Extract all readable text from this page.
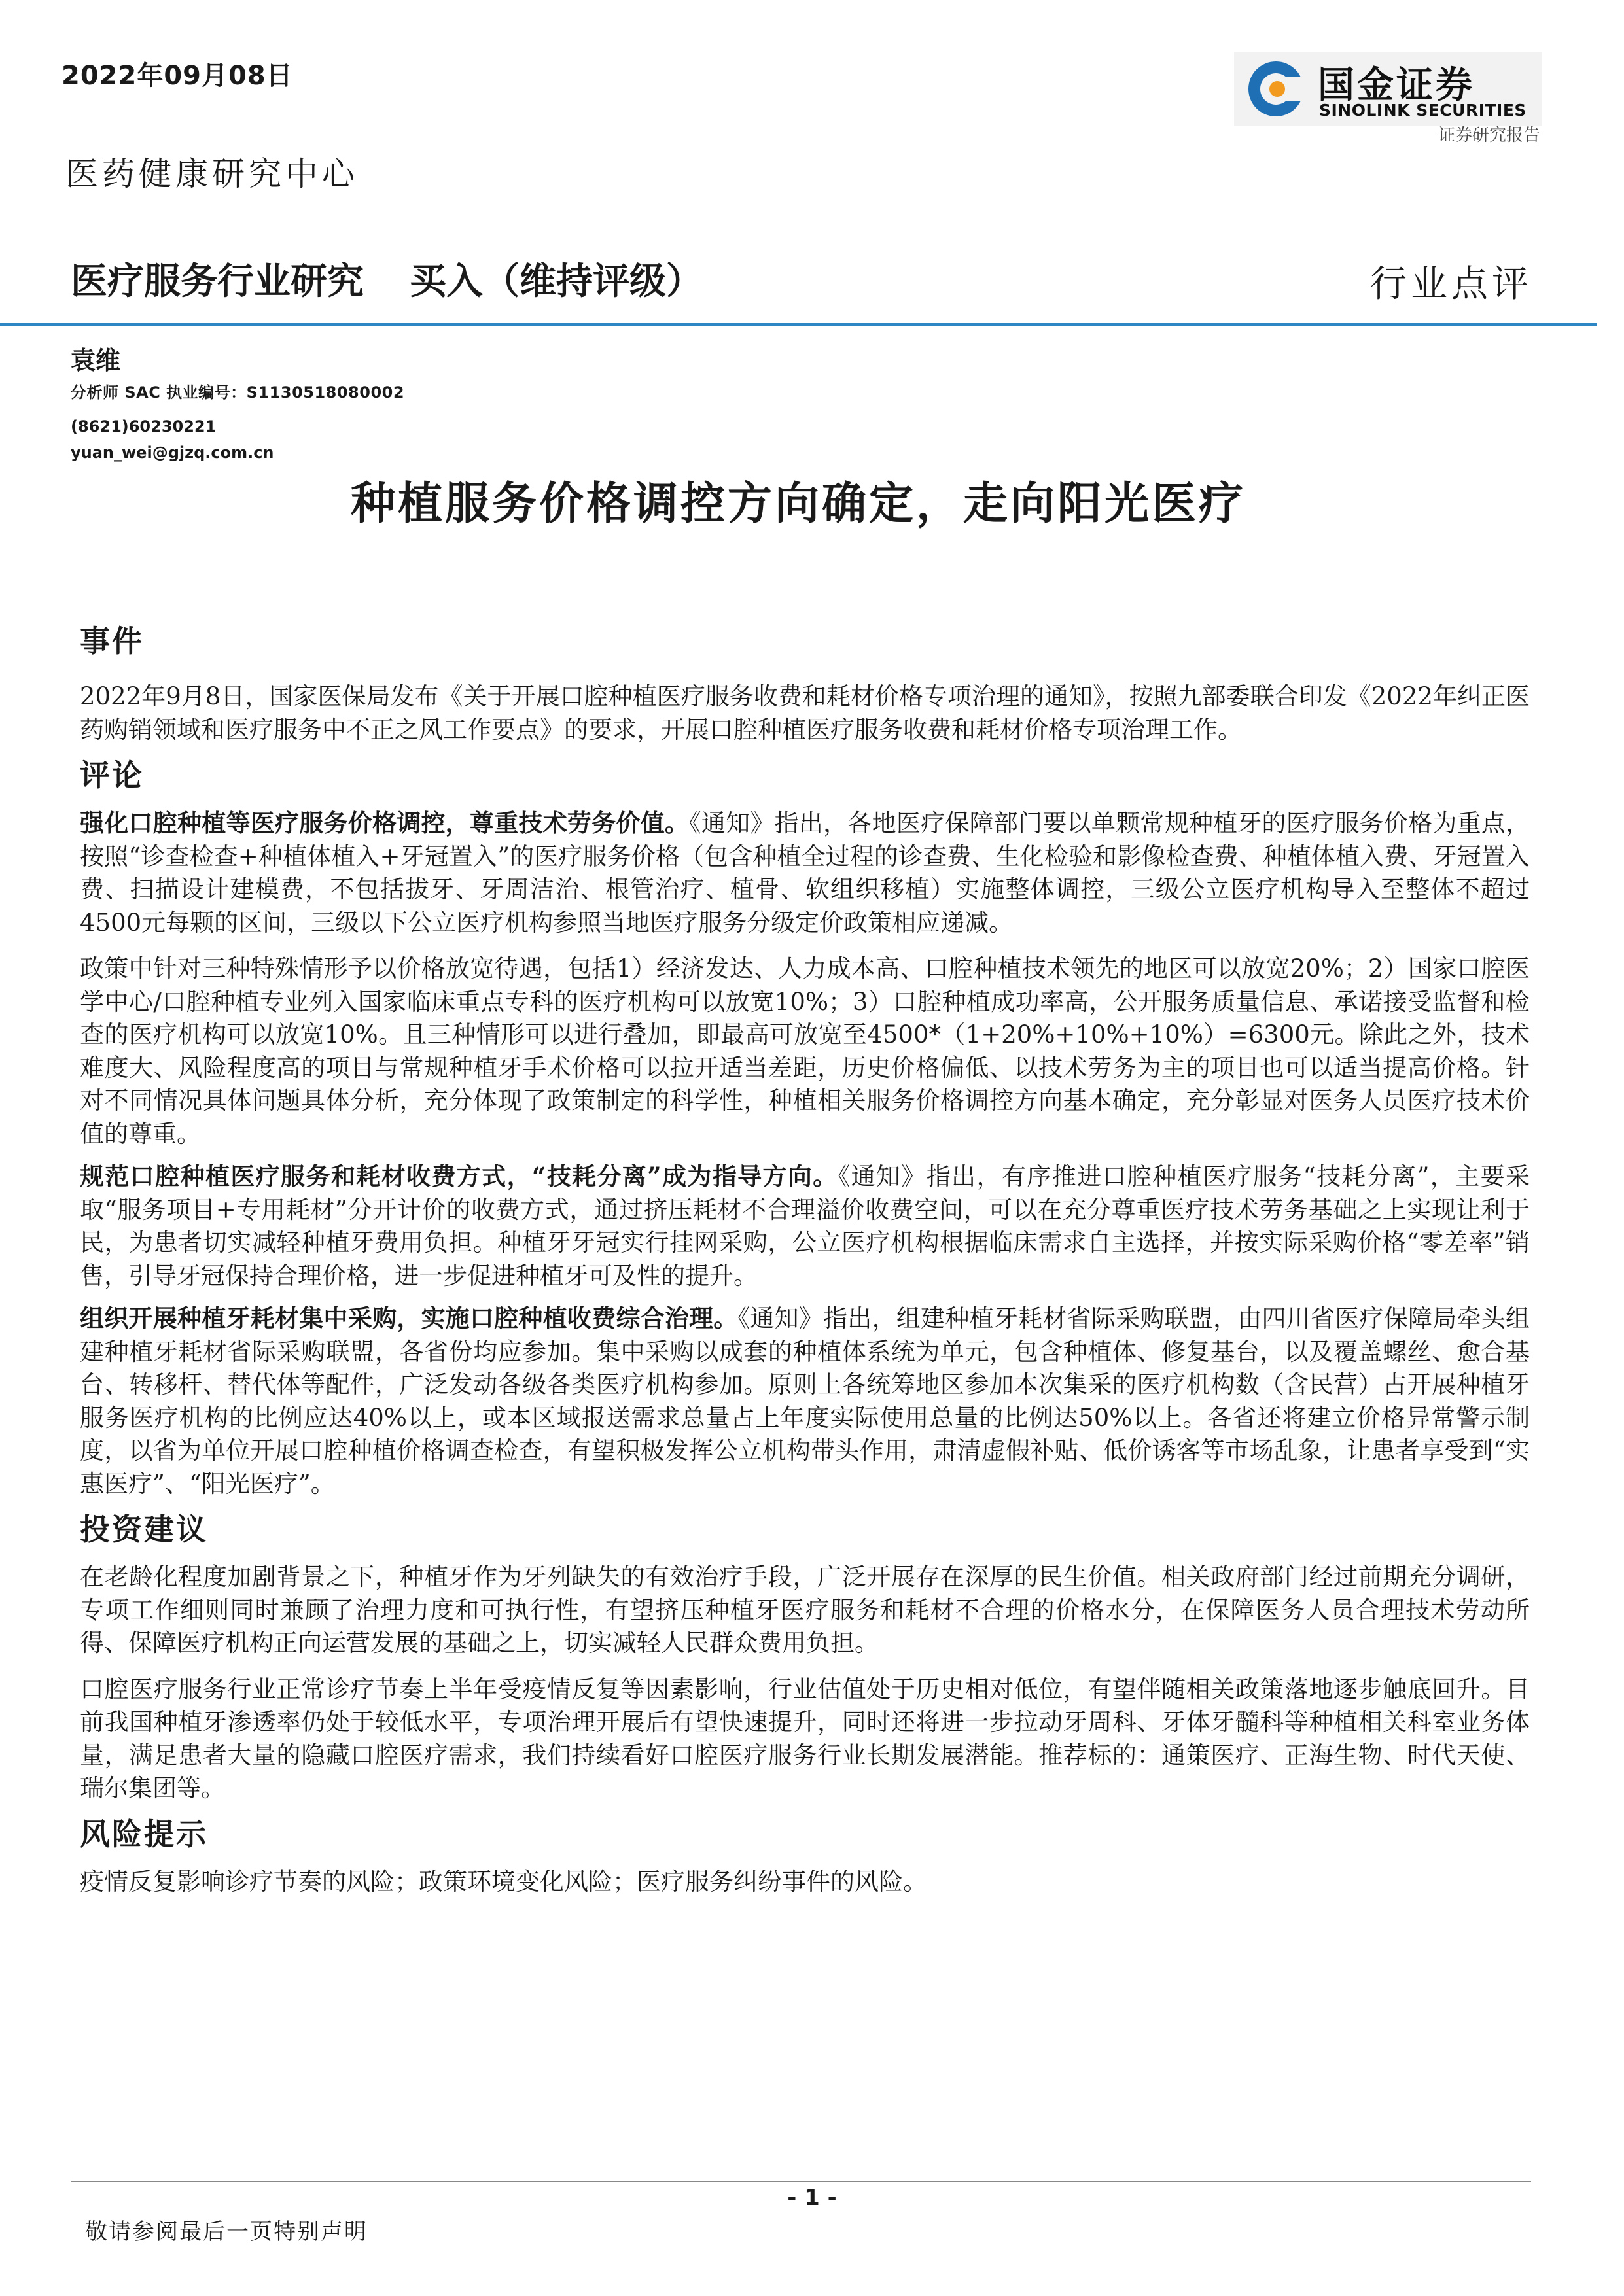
2022年09月08日
医药健康研究中心
医疗服务行业研究 买入（维持评级）	行业点评
国金证券
SINOLINK SECURITIES
证券研究报告
袁维
分析师 SAC 执业编号：S1130518080002
(8621)60230221
yuan_wei@gjzq.com.cn
种植服务价格调控方向确定，走向阳光医疗
事件

2022年9月8日，国家医保局发布《关于开展口腔种植医疗服务收费和耗材价格专项治理的通知》，按照九部委联合印发《2022年纠正医药购销领域和医疗服务中不正之风工作要点》的要求，开展口腔种植医疗服务收费和耗材价格专项治理工作。

评论

强化口腔种植等医疗服务价格调控，尊重技术劳务价值。《通知》指出，各地医疗保障部门要以单颗常规种植牙的医疗服务价格为重点，按照“诊查检查+种植体植入+牙冠置入”的医疗服务价格（包含种植全过程的诊查费、生化检验和影像检查费、种植体植入费、牙冠置入费、扫描设计建模费，不包括拔牙、牙周洁治、根管治疗、植骨、软组织移植）实施整体调控，三级公立医疗机构导入至整体不超过4500元每颗的区间，三级以下公立医疗机构参照当地医疗服务分级定价政策相应递减。

政策中针对三种特殊情形予以价格放宽待遇，包括1）经济发达、人力成本高、口腔种植技术领先的地区可以放宽20%；2）国家口腔医学中心/口腔种植专业列入国家临床重点专科的医疗机构可以放宽10%；3）口腔种植成功率高，公开服务质量信息、承诺接受监督和检查的医疗机构可以放宽10%。且三种情形可以进行叠加，即最高可放宽至4500*（1+20%+10%+10%）=6300元。除此之外，技术难度大、风险程度高的项目与常规种植牙手术价格可以拉开适当差距，历史价格偏低、以技术劳务为主的项目也可以适当提高价格。针对不同情况具体问题具体分析，充分体现了政策制定的科学性，种植相关服务价格调控方向基本确定，充分彰显对医务人员医疗技术价值的尊重。

规范口腔种植医疗服务和耗材收费方式，“技耗分离”成为指导方向。《通知》指出，有序推进口腔种植医疗服务“技耗分离”，主要采取“服务项目+专用耗材”分开计价的收费方式，通过挤压耗材不合理溢价收费空间，可以在充分尊重医疗技术劳务基础之上实现让利于民，为患者切实减轻种植牙费用负担。种植牙牙冠实行挂网采购，公立医疗机构根据临床需求自主选择，并按实际采购价格“零差率”销售，引导牙冠保持合理价格，进一步促进种植牙可及性的提升。

组织开展种植牙耗材集中采购，实施口腔种植收费综合治理。《通知》指出，组建种植牙耗材省际采购联盟，由四川省医疗保障局牵头组建种植牙耗材省际采购联盟，各省份均应参加。集中采购以成套的种植体系统为单元，包含种植体、修复基台，以及覆盖螺丝、愈合基台、转移杆、替代体等配件，广泛发动各级各类医疗机构参加。原则上各统筹地区参加本次集采的医疗机构数（含民营）占开展种植牙服务医疗机构的比例应达40%以上，或本区域报送需求总量占上年度实际使用总量的比例达50%以上。各省还将建立价格异常警示制度，以省为单位开展口腔种植价格调查检查，有望积极发挥公立机构带头作用，肃清虚假补贴、低价诱客等市场乱象，让患者享受到“实惠医疗”、“阳光医疗”。

投资建议

在老龄化程度加剧背景之下，种植牙作为牙列缺失的有效治疗手段，广泛开展存在深厚的民生价值。相关政府部门经过前期充分调研，专项工作细则同时兼顾了治理力度和可执行性，有望挤压种植牙医疗服务和耗材不合理的价格水分，在保障医务人员合理技术劳动所得、保障医疗机构正向运营发展的基础之上，切实减轻人民群众费用负担。

口腔医疗服务行业正常诊疗节奏上半年受疫情反复等因素影响，行业估值处于历史相对低位，有望伴随相关政策落地逐步触底回升。目前我国种植牙渗透率仍处于较低水平，专项治理开展后有望快速提升，同时还将进一步拉动牙周科、牙体牙髓科等种植相关科室业务体量，满足患者大量的隐藏口腔医疗需求，我们持续看好口腔医疗服务行业长期发展潜能。推荐标的：通策医疗、正海生物、时代天使、瑞尔集团等。

风险提示

疫情反复影响诊疗节奏的风险；政策环境变化风险；医疗服务纠纷事件的风险。

- 1 -
敬请参阅最后一页特别声明
